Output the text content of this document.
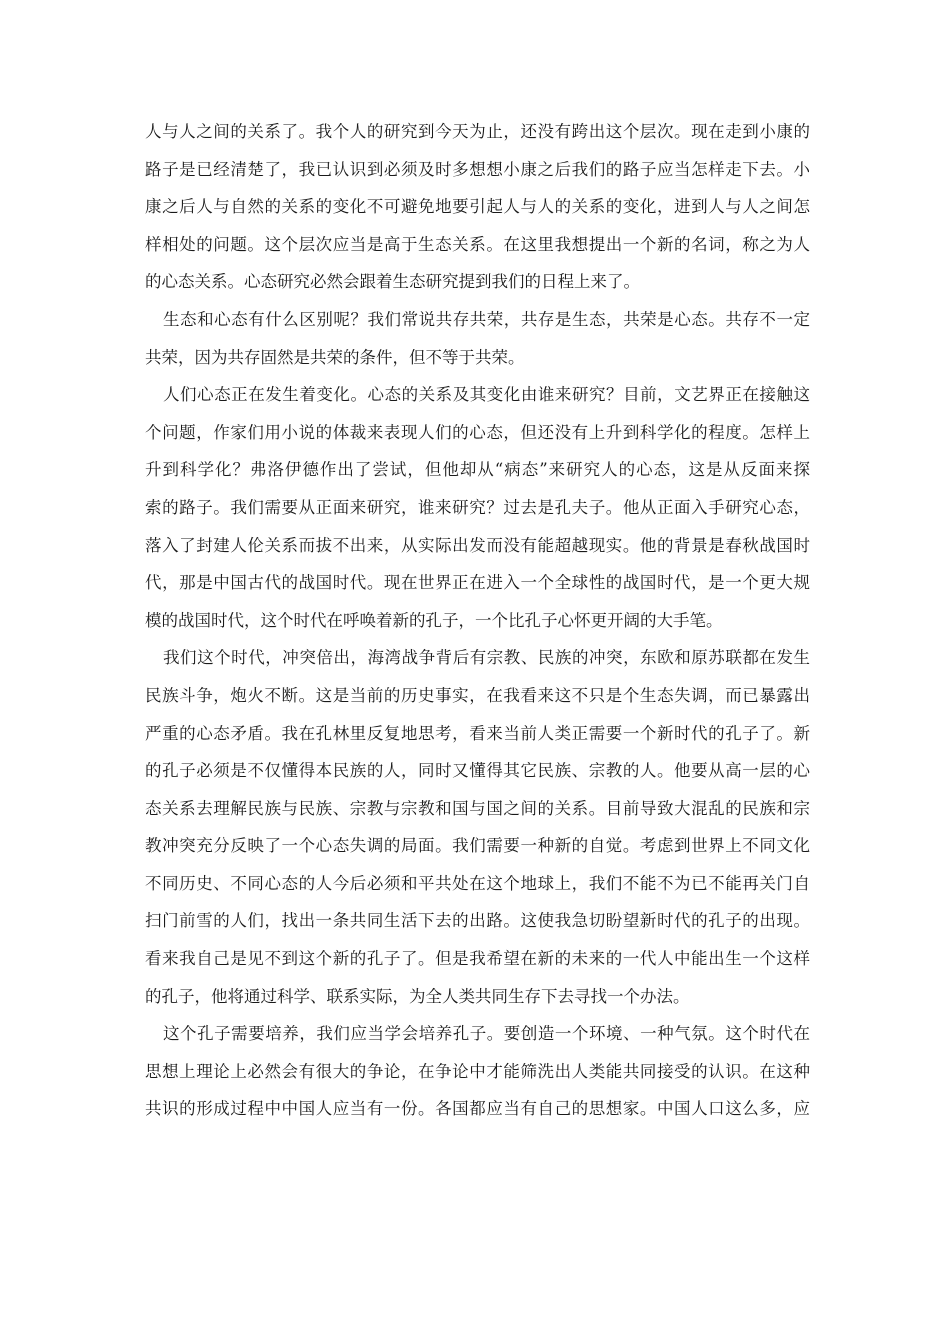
人与人之间的关系了。我个人的研究到今天为止，还没有跨出这个层次。现在走到小康的
路子是已经清楚了，我已认识到必须及时多想想小康之后我们的路子应当怎样走下去。小
康之后人与自然的关系的变化不可避免地要引起人与人的关系的变化，进到人与人之间怎
样相处的问题。这个层次应当是高于生态关系。在这里我想提出一个新的名词，称之为人
的心态关系。心态研究必然会跟着生态研究提到我们的日程上来了。
生态和心态有什么区别呢？我们常说共存共荣，共存是生态，共荣是心态。共存不一定
共荣，因为共存固然是共荣的条件，但不等于共荣。
人们心态正在发生着变化。心态的关系及其变化由谁来研究？目前，文艺界正在接触这
个问题，作家们用小说的体裁来表现人们的心态，但还没有上升到科学化的程度。怎样上
升到科学化？弗洛伊德作出了尝试，但他却从“病态”来研究人的心态，这是从反面来探
索的路子。我们需要从正面来研究，谁来研究？过去是孔夫子。他从正面入手研究心态，
落入了封建人伦关系而拔不出来，从实际出发而没有能超越现实。他的背景是春秋战国时
代，那是中国古代的战国时代。现在世界正在进入一个全球性的战国时代，是一个更大规
模的战国时代，这个时代在呼唤着新的孔子，一个比孔子心怀更开阔的大手笔。
我们这个时代，冲突倍出，海湾战争背后有宗教、民族的冲突，东欧和原苏联都在发生
民族斗争，炮火不断。这是当前的历史事实，在我看来这不只是个生态失调，而已暴露出
严重的心态矛盾。我在孔林里反复地思考，看来当前人类正需要一个新时代的孔子了。新
的孔子必须是不仅懂得本民族的人，同时又懂得其它民族、宗教的人。他要从高一层的心
态关系去理解民族与民族、宗教与宗教和国与国之间的关系。目前导致大混乱的民族和宗
教冲突充分反映了一个心态失调的局面。我们需要一种新的自觉。考虑到世界上不同文化
不同历史、不同心态的人今后必须和平共处在这个地球上，我们不能不为已不能再关门自
扫门前雪的人们，找出一条共同生活下去的出路。这使我急切盼望新时代的孔子的出现。
看来我自己是见不到这个新的孔子了。但是我希望在新的未来的一代人中能出生一个这样
的孔子，他将通过科学、联系实际，为全人类共同生存下去寻找一个办法。
这个孔子需要培养，我们应当学会培养孔子。要创造一个环境、一种气氛。这个时代在
思想上理论上必然会有很大的争论，在争论中才能筛洗出人类能共同接受的认识。在这种
共识的形成过程中中国人应当有一份。各国都应当有自己的思想家。中国人口这么多，应
